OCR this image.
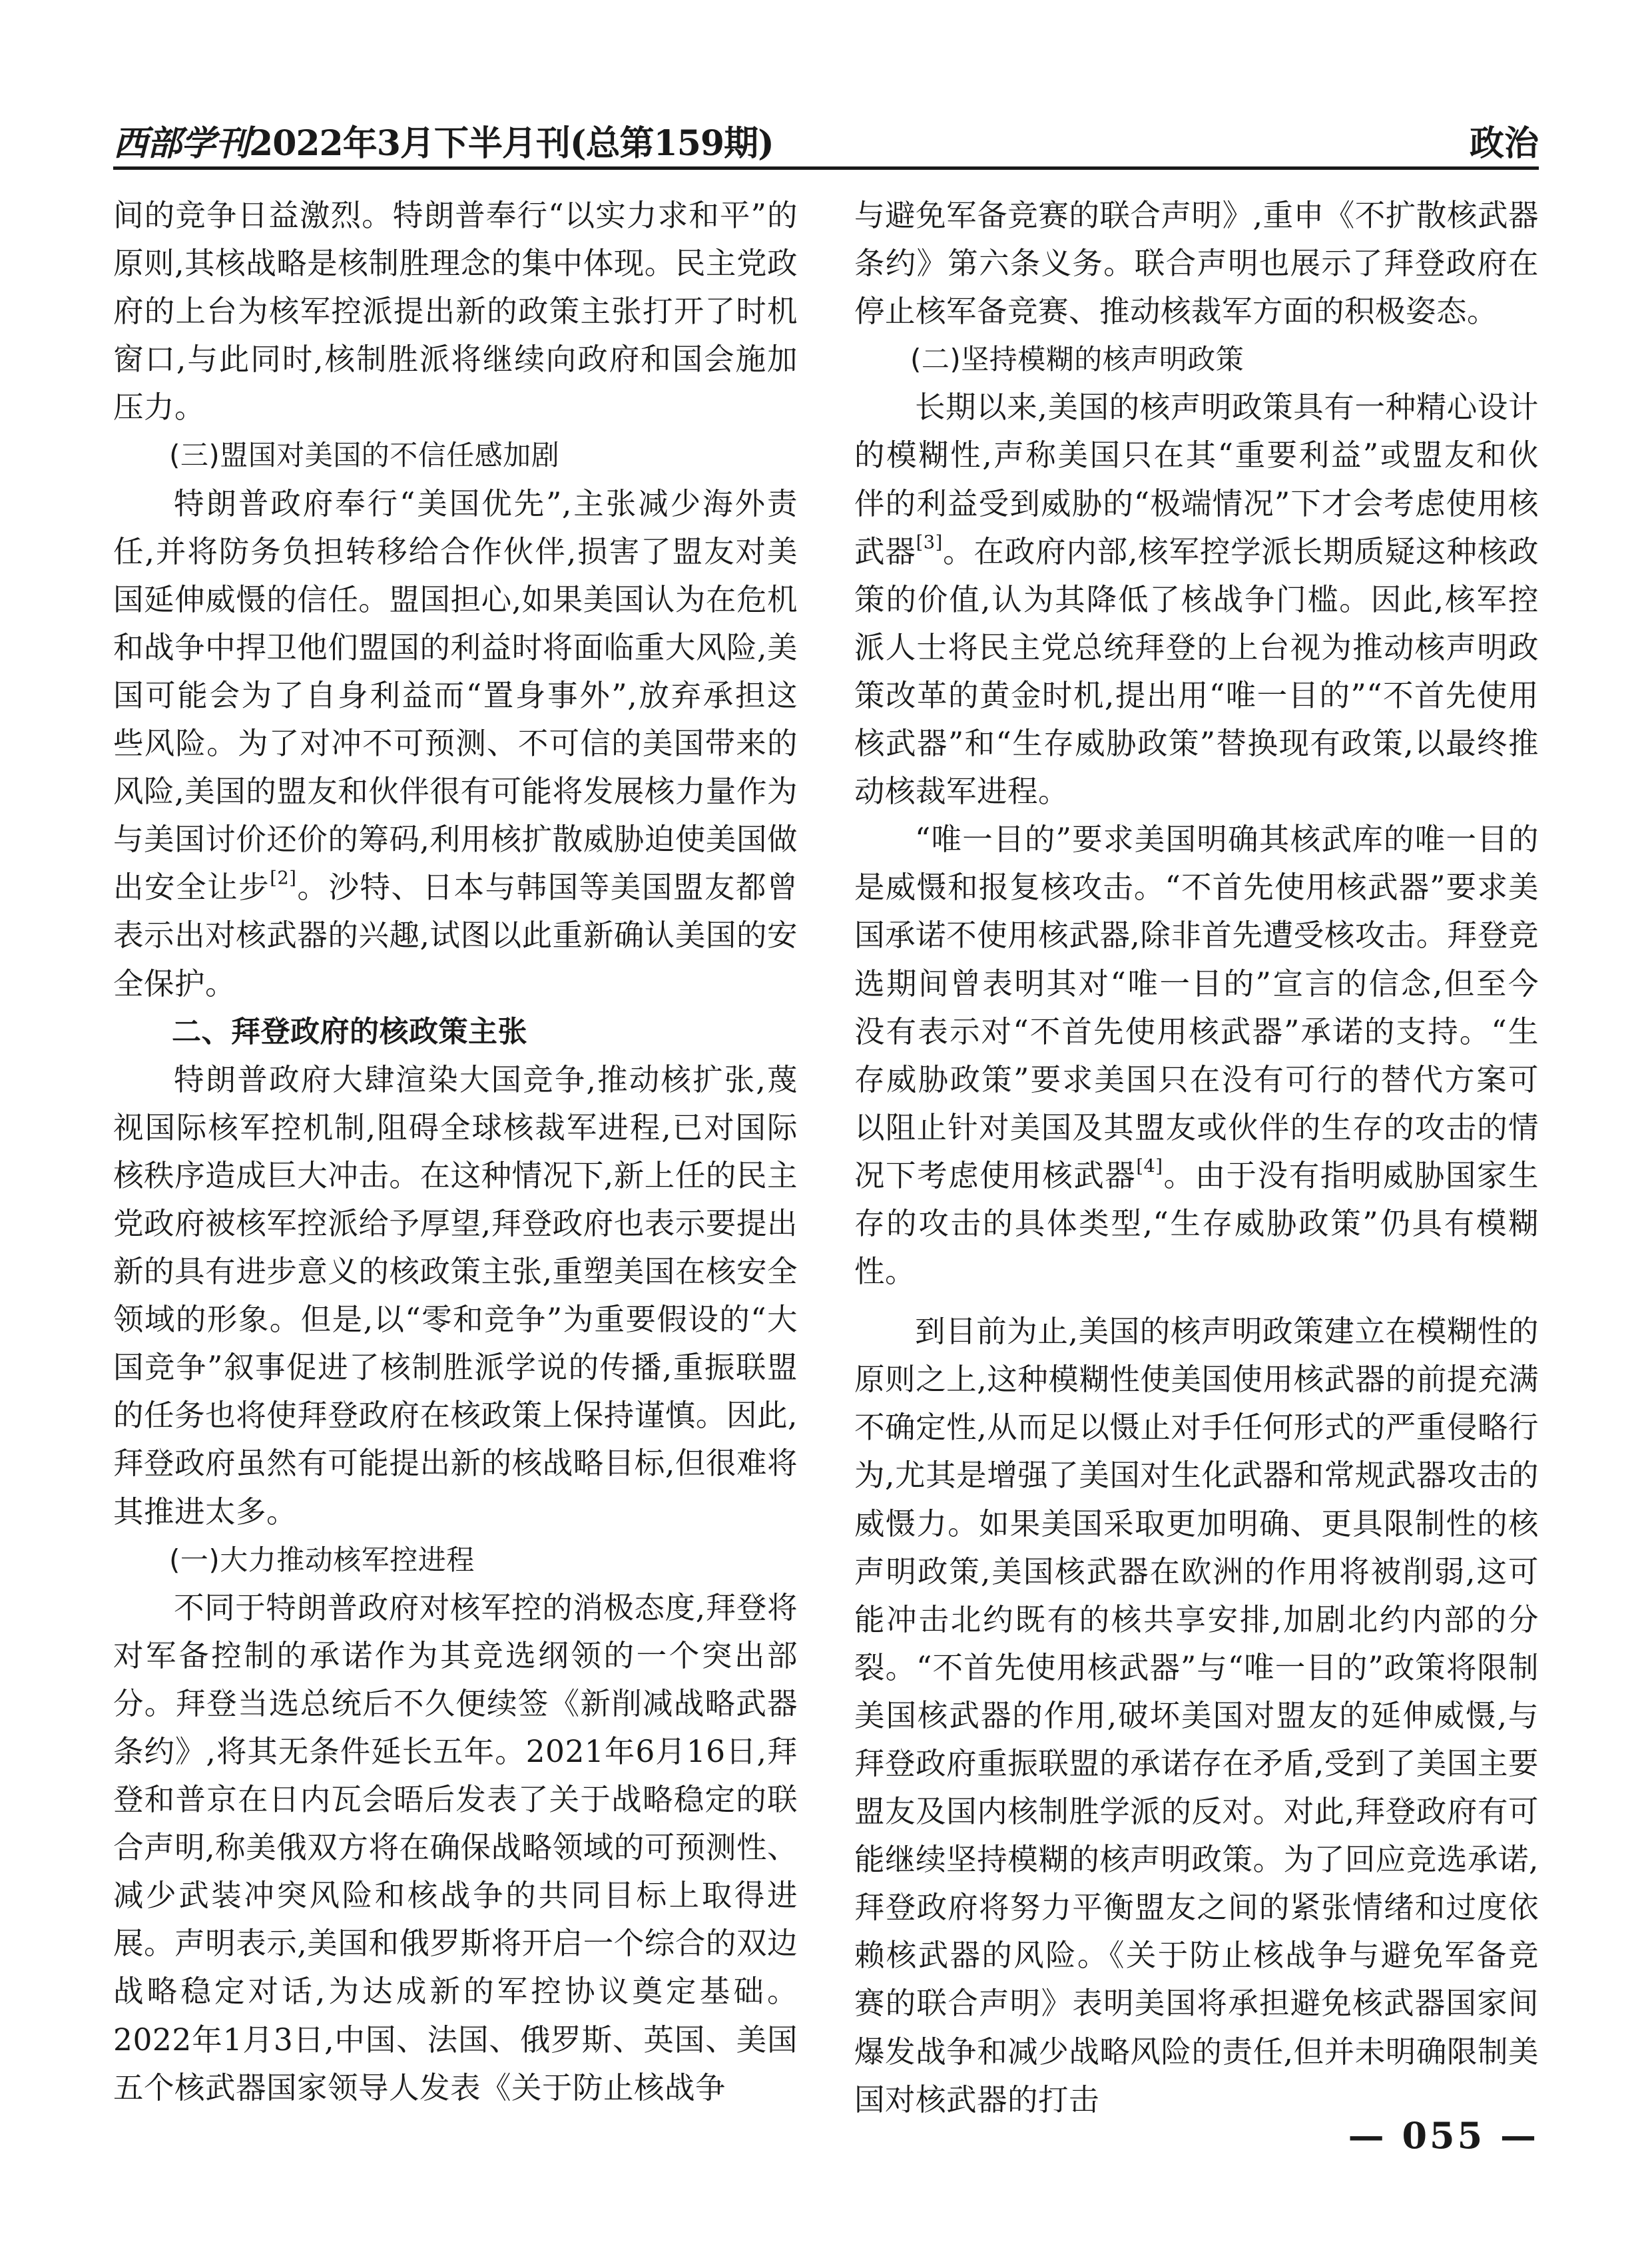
西部学刊2022年3月下半月刊(总第159期)	政治

间的竞争日益激烈。特朗普奉行“以实力求和平”的原则,其核战略是核制胜理念的集中体现。民主党政府的上台为核军控派提出新的政策主张打开了时机窗口,与此同时,核制胜派将继续向政府和国会施加压力。

(三)盟国对美国的不信任感加剧

特朗普政府奉行“美国优先”,主张减少海外责任,并将防务负担转移给合作伙伴,损害了盟友对美国延伸威慑的信任。盟国担心,如果美国认为在危机和战争中捍卫他们盟国的利益时将面临重大风险,美国可能会为了自身利益而“置身事外”,放弃承担这些风险。为了对冲不可预测、不可信的美国带来的风险,美国的盟友和伙伴很有可能将发展核力量作为与美国讨价还价的筹码,利用核扩散威胁迫使美国做出安全让步[2]。沙特、日本与韩国等美国盟友都曾表示出对核武器的兴趣,试图以此重新确认美国的安全保护。

二、拜登政府的核政策主张

特朗普政府大肆渲染大国竞争,推动核扩张,蔑视国际核军控机制,阻碍全球核裁军进程,已对国际核秩序造成巨大冲击。在这种情况下,新上任的民主党政府被核军控派给予厚望,拜登政府也表示要提出新的具有进步意义的核政策主张,重塑美国在核安全领域的形象。但是,以“零和竞争”为重要假设的“大国竞争”叙事促进了核制胜派学说的传播,重振联盟的任务也将使拜登政府在核政策上保持谨慎。因此,拜登政府虽然有可能提出新的核战略目标,但很难将其推进太多。

(一)大力推动核军控进程

不同于特朗普政府对核军控的消极态度,拜登将对军备控制的承诺作为其竞选纲领的一个突出部分。拜登当选总统后不久便续签《新削减战略武器条约》,将其无条件延长五年。2021年6月16日,拜登和普京在日内瓦会晤后发表了关于战略稳定的联合声明,称美俄双方将在确保战略领域的可预测性、减少武装冲突风险和核战争的共同目标上取得进展。声明表示,美国和俄罗斯将开启一个综合的双边战略稳定对话,为达成新的军控协议奠定基础。2022年1月3日,中国、法国、俄罗斯、英国、美国五个核武器国家领导人发表《关于防止核战争

与避免军备竞赛的联合声明》,重申《不扩散核武器条约》第六条义务。联合声明也展示了拜登政府在停止核军备竞赛、推动核裁军方面的积极姿态。

(二)坚持模糊的核声明政策

长期以来,美国的核声明政策具有一种精心设计的模糊性,声称美国只在其“重要利益”或盟友和伙伴的利益受到威胁的“极端情况”下才会考虑使用核武器[3]。在政府内部,核军控学派长期质疑这种核政策的价值,认为其降低了核战争门槛。因此,核军控派人士将民主党总统拜登的上台视为推动核声明政策改革的黄金时机,提出用“唯一目的”“不首先使用核武器”和“生存威胁政策”替换现有政策,以最终推动核裁军进程。

“唯一目的”要求美国明确其核武库的唯一目的是威慑和报复核攻击。“不首先使用核武器”要求美国承诺不使用核武器,除非首先遭受核攻击。拜登竞选期间曾表明其对“唯一目的”宣言的信念,但至今没有表示对“不首先使用核武器”承诺的支持。“生存威胁政策”要求美国只在没有可行的替代方案可以阻止针对美国及其盟友或伙伴的生存的攻击的情况下考虑使用核武器[4]。由于没有指明威胁国家生存的攻击的具体类型,“生存威胁政策”仍具有模糊性。

到目前为止,美国的核声明政策建立在模糊性的原则之上,这种模糊性使美国使用核武器的前提充满不确定性,从而足以慑止对手任何形式的严重侵略行为,尤其是增强了美国对生化武器和常规武器攻击的威慑力。如果美国采取更加明确、更具限制性的核声明政策,美国核武器在欧洲的作用将被削弱,这可能冲击北约既有的核共享安排,加剧北约内部的分裂。“不首先使用核武器”与“唯一目的”政策将限制美国核武器的作用,破坏美国对盟友的延伸威慑,与拜登政府重振联盟的承诺存在矛盾,受到了美国主要盟友及国内核制胜学派的反对。对此,拜登政府有可能继续坚持模糊的核声明政策。为了回应竞选承诺,拜登政府将努力平衡盟友之间的紧张情绪和过度依赖核武器的风险。《关于防止核战争与避免军备竞赛的联合声明》表明美国将承担避免核武器国家间爆发战争和减少战略风险的责任,但并未明确限制美国对核武器的打击

— 055 —
